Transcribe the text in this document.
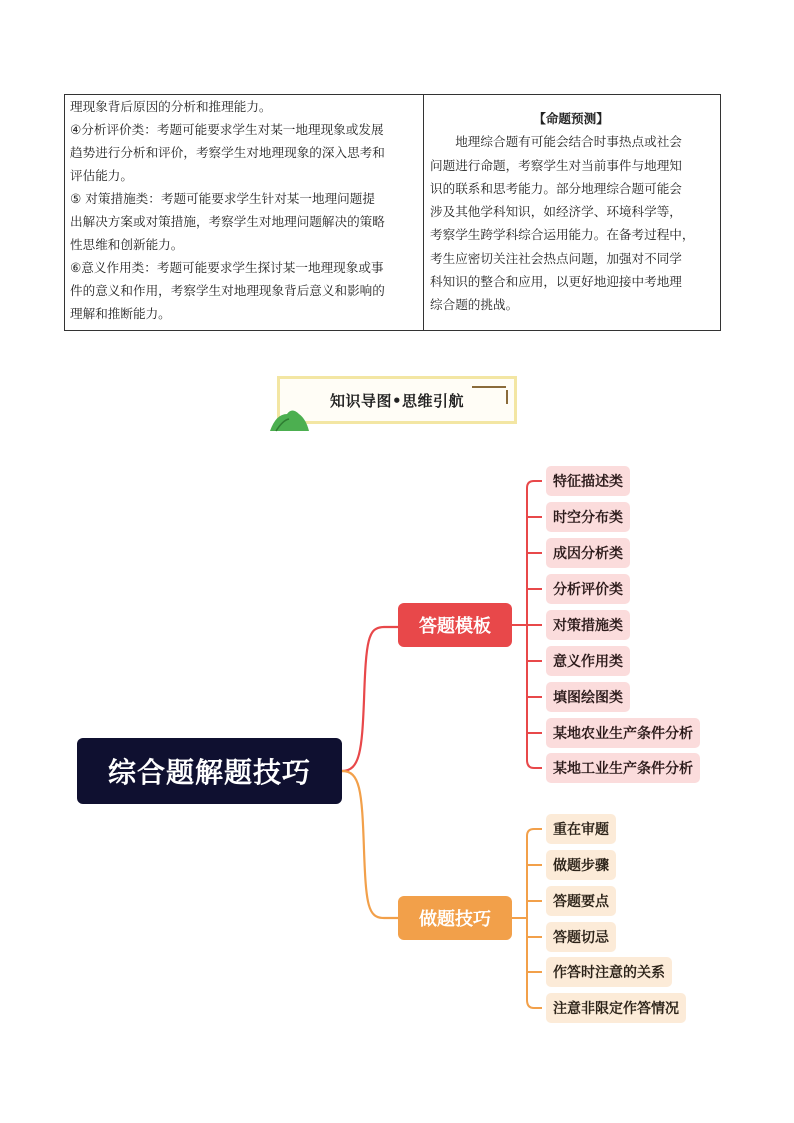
理现象背后原因的分析和推理能力。
④分析评价类：考题可能要求学生对某一地理现象或发展
趋势进行分析和评价，考察学生对地理现象的深入思考和
评估能力。
⑤ 对策措施类：考题可能要求学生针对某一地理问题提
出解决方案或对策措施，考察学生对地理问题解决的策略
性思维和创新能力。
⑥意义作用类：考题可能要求学生探讨某一地理现象或事
件的意义和作用，考察学生对地理现象背后意义和影响的
理解和推断能力。
【命题预测】
地理综合题有可能会结合时事热点或社会
问题进行命题，考察学生对当前事件与地理知
识的联系和思考能力。部分地理综合题可能会
涉及其他学科知识，如经济学、环境科学等，
考察学生跨学科综合运用能力。在备考过程中，
考生应密切关注社会热点问题，加强对不同学
科知识的整合和应用，以更好地迎接中考地理
综合题的挑战。
知识导图•思维引航
综合题解题技巧
答题模板
做题技巧
特征描述类
时空分布类
成因分析类
分析评价类
对策措施类
意义作用类
填图绘图类
某地农业生产条件分析
某地工业生产条件分析
重在审题
做题步骤
答题要点
答题切忌
作答时注意的关系
注意非限定作答情况
